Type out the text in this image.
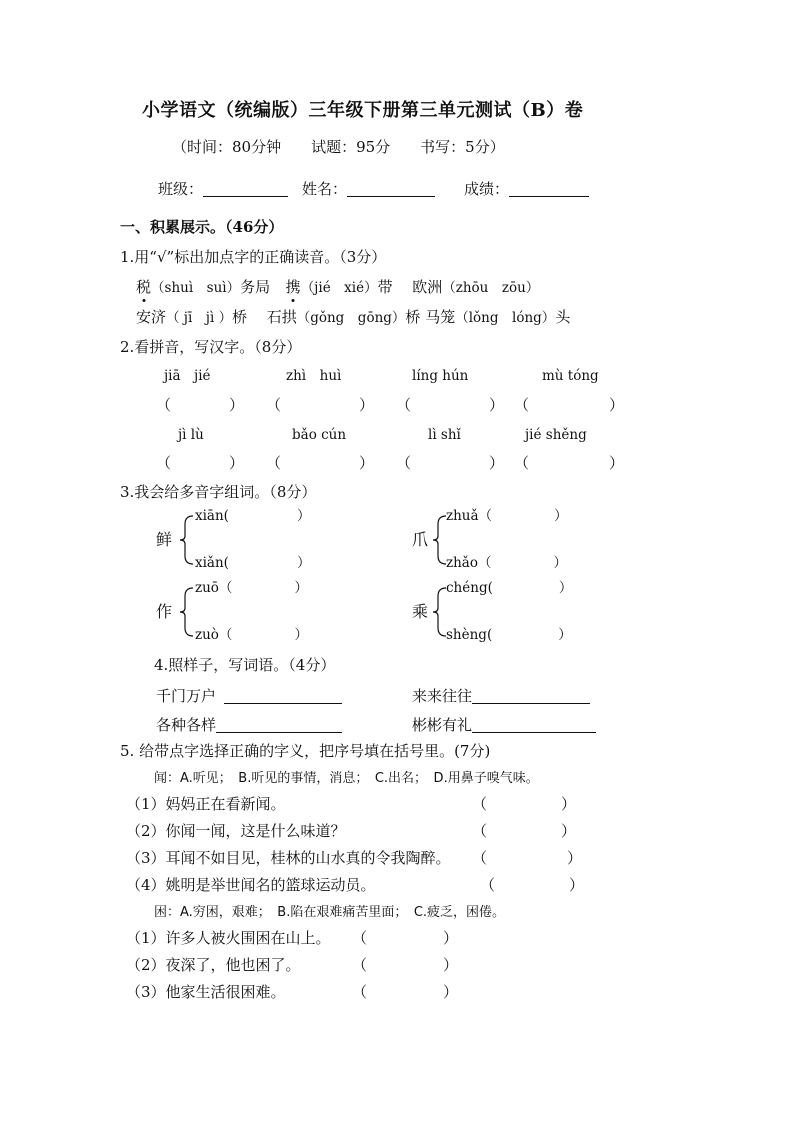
小学语文（统编版）三年级下册第三单元测试（B）卷
（时间：80分钟　　试题：95分　　书写：5分）
班级：	姓名：	成绩：
一、积累展示。（46分）
1.用“√”标出加点字的正确读音。（3分）
税（shuì　suì）务局 携（jié　xié）带 欧洲（zhōu　zōu）
安济（ jī　jì ）桥 石拱（gǒng　gōng）桥 马笼（lǒng　lóng）头
2.看拼音，写汉字。（8分）
jiā　jié	zhì　huì	líng hún	mù tóng
（	） （	） （	） （	）
jì lù	bǎo cún	lì shǐ	jié shěng
（	） （	） （	） （	）
3.我会给多音字组词。（8分）
鲜
xiān(	）
xiǎn(	）
爪
zhuǎ（	）
zhǎo（	）
作
zuō（	）
zuò（	）
乘
chéng(	）
shèng(	）
4.照样子，写词语。（4分）
千门万户	来来往往
各种各样	彬彬有礼
5. 给带点字选择正确的字义，把序号填在括号里。(7分)
闻：A.听见；　B.听见的事情，消息；　C.出名；　D.用鼻子嗅气味。
（1）妈妈正在看新闻。	（	）
（2）你闻一闻，这是什么味道？	（	）
（3）耳闻不如目见，桂林的山水真的令我陶醉。 （	）
（4）姚明是举世闻名的篮球运动员。	（	）
困：A.穷困，艰难；　B.陷在艰难痛苦里面；　C.疲乏，困倦。
（1）许多人被火围困在山上。 （	）
（2）夜深了，他也困了。	（	）
（3）他家生活很困难。	（	）
